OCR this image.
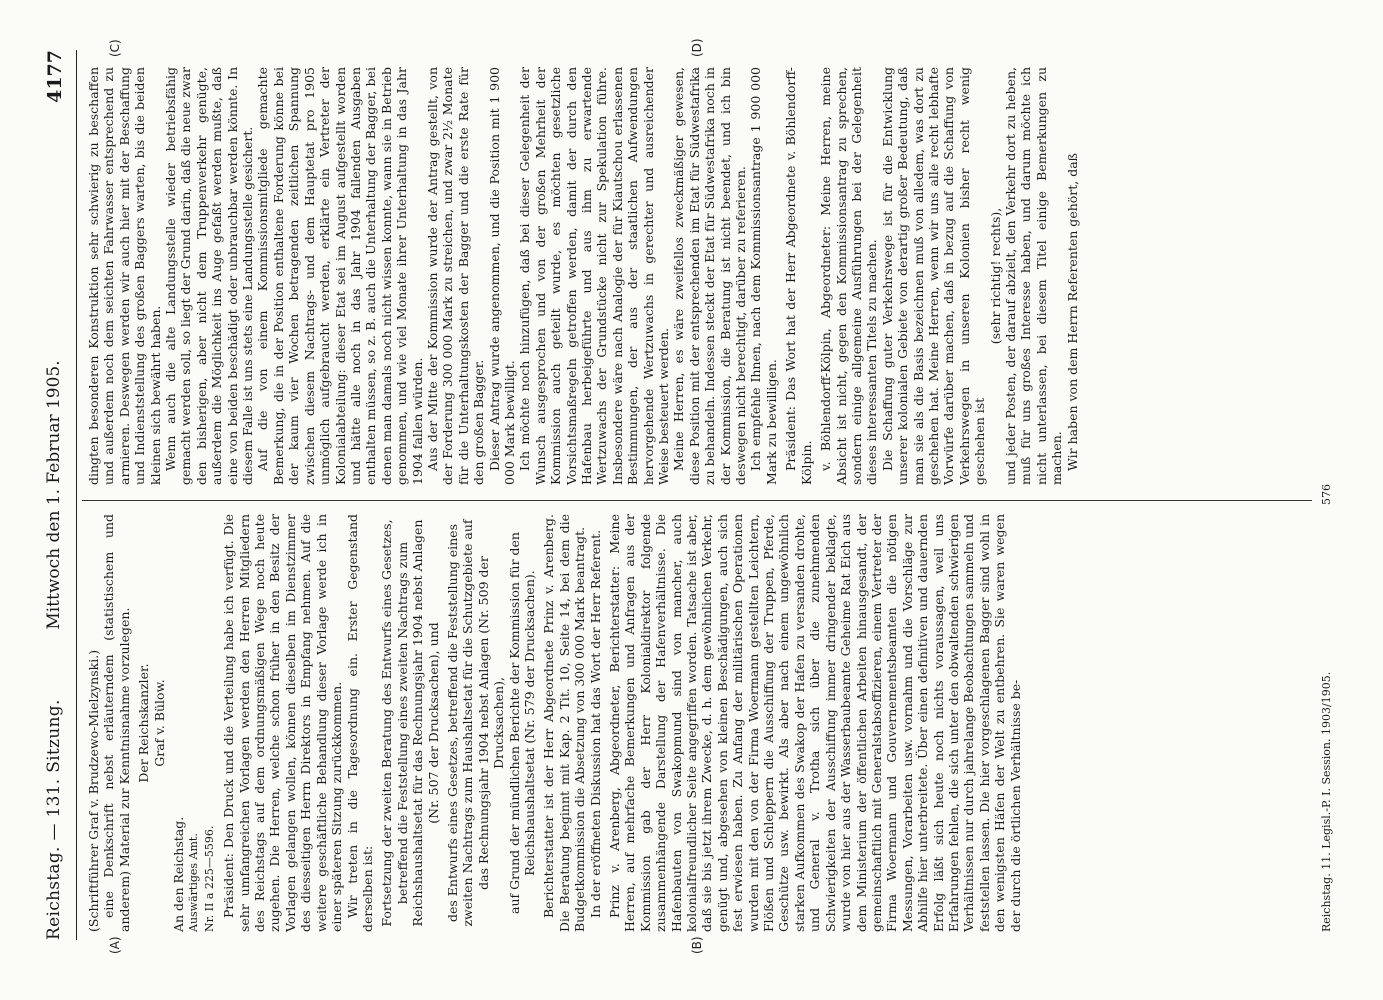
Reichstag. — 131. Sitzung.
Mittwoch den 1. Februar 1905.
4177
(A)	(B)
(C)	(D)

(Schriftführer Graf v. Brudzewo-Mielzynski.) eine Denkschrift nebst erläuterndem (statistischem und anderem) Material zur Kenntnisnahme vorzulegen. Der Reichskanzler. Graf v. Bülow.

An den Reichstag. Auswärtiges Amt. Nr. II a 225—5596. Präsident: Den Druck und die Verteilung habe ich verfügt. Die sehr umfangreichen Vorlagen werden den Herren Mitgliedern des Reichstags auf dem ordnungsmäßigen Wege noch heute zugehen. Die Herren, welche schon früher in den Besitz der Vorlagen gelangen wollen, können dieselben im Dienstzimmer des diesseitigen Herrn Direktors in Empfang nehmen. Auf die weitere geschäftliche Behandlung dieser Vorlage werde ich in einer späteren Sitzung zurückkommen. Wir treten in die Tagesordnung ein. Erster Gegenstand derselben ist: Fortsetzung der zweiten Beratung des Entwurfs eines Gesetzes, betreffend die Feststellung eines zweiten Nachtrags zum Reichshaushaltsetat für das Rechnungsjahr 1904 nebst Anlagen (Nr. 507 der Drucksachen), und des Entwurfs eines Gesetzes, betreffend die Feststellung eines zweiten Nachtrags zum Haushaltsetat für die Schutzgebiete auf das Rechnungsjahr 1904 nebst Anlagen (Nr. 509 der Drucksachen), auf Grund der mündlichen Berichte der Kommission für den Reichshaushaltsetat (Nr. 579 der Drucksachen). Berichterstatter ist der Herr Abgeordnete Prinz v. Arenberg. Die Beratung beginnt mit Kap. 2 Tit. 10, Seite 14, bei dem die Budgetkommission die Absetzung von 300 000 Mark beantragt. In der eröffneten Diskussion hat das Wort der Herr Referent. Prinz v. Arenberg, Abgeordneter, Berichterstatter: Meine Herren, auf mehrfache Bemerkungen und Anfragen aus der Kommission gab der Herr Kolonialdirektor folgende zusammenhängende Darstellung der Hafenverhältnisse. Die Hafenbauten von Swakopmund sind von mancher, auch kolonialfreundlicher Seite angegriffen worden. Tatsache ist aber, daß sie bis jetzt ihrem Zwecke, d. h. dem gewöhnlichen Verkehr, genügt und, abgesehen von kleinen Beschädigungen, auch sich fest erwiesen haben. Zu Anfang der militärischen Operationen wurden mit den von der Firma Woermann gestellten Leichtern, Flößen und Schleppern die Ausschiffung der Truppen, Pferde, Geschütze usw. bewirkt. Als aber nach einem ungewöhnlich starken Aufkommen des Swakop der Hafen zu versanden drohte, und General v. Trotha sich über die zunehmenden Schwierigkeiten der Ausschiffung immer dringender beklagte, wurde von hier aus der Wasserbaubeamte Geheime Rat Eich aus dem Ministerium der öffentlichen Arbeiten hinausgesandt, der gemeinschaftlich mit Generalstabsoffizieren, einem Vertreter der Firma Woermann und Gouvernementsbeamten die nötigen Messungen, Vorarbeiten usw. vornahm und die Vorschläge zur Abhilfe hier unterbreitete. Über einen definitiven und dauernden Erfolg läßt sich heute noch nichts voraussagen, weil uns Erfahrungen fehlen, die sich unter den obwaltenden schwierigen Verhältnissen nur durch jahrelange Beobachtungen sammeln und feststellen lassen. Die hier vorgeschlagenen Bagger sind wohl in den wenigsten Häfen der Welt zu entbehren. Sie waren wegen der durch die örtlichen Verhältnisse be-

dingten besonderen Konstruktion sehr schwierig zu beschaffen und außerdem noch dem seichten Fahrwasser entsprechend zu armieren. Deswegen werden wir auch hier mit der Beschaffung und Indienststellung des großen Baggers warten, bis die beiden kleinen sich bewährt haben. Wenn auch die alte Landungsstelle wieder betriebsfähig gemacht werden soll, so liegt der Grund darin, daß die neue zwar den bisherigen, aber nicht dem Truppenverkehr genügte, außerdem die Möglichkeit ins Auge gefaßt werden mußte, daß eine von beiden beschädigt oder unbrauchbar werden könnte. In diesem Falle ist uns stets eine Landungsstelle gesichert. Auf die von einem Kommissionsmitgliede gemachte Bemerkung, die in der Position enthaltene Forderung könne bei der kaum vier Wochen betragenden zeitlichen Spannung zwischen diesem Nachtrags- und dem Hauptetat pro 1905 unmöglich aufgebraucht werden, erklärte ein Vertreter der Kolonialabteilung: dieser Etat sei im August aufgestellt worden und hätte alle noch in das Jahr 1904 fallenden Ausgaben enthalten müssen, so z. B. auch die Unterhaltung der Bagger, bei denen man damals noch nicht wissen konnte, wann sie in Betrieb genommen, und wie viel Monate ihrer Unterhaltung in das Jahr 1904 fallen würden. Aus der Mitte der Kommission wurde der Antrag gestellt, von der Forderung 300 000 Mark zu streichen, und zwar 2½ Monate für die Unterhaltungskosten der Bagger und die erste Rate für den großen Bagger. Dieser Antrag wurde angenommen, und die Position mit 1 900 000 Mark bewilligt. Ich möchte noch hinzufügen, daß bei dieser Gelegenheit der Wunsch ausgesprochen und von der großen Mehrheit der Kommission auch geteilt wurde, es möchten gesetzliche Vorsichtsmaßregeln getroffen werden, damit der durch den Hafenbau herbeigeführte und aus ihm zu erwartende Wertzuwachs der Grundstücke nicht zur Spekulation führe. Insbesondere wäre nach Analogie der für Kiautschou erlassenen Bestimmungen, der aus der staatlichen Aufwendungen hervorgehende Wertzuwachs in gerechter und ausreichender Weise besteuert werden. Meine Herren, es wäre zweifellos zweckmäßiger gewesen, diese Position mit der entsprechenden im Etat für Südwestafrika zu behandeln. Indessen steckt der Etat für Südwestafrika noch in der Kommission, die Beratung ist nicht beendet, und ich bin deswegen nicht berechtigt, darüber zu referieren. Ich empfehle Ihnen, nach dem Kommissionsantrage 1 900 000 Mark zu bewilligen. Präsident: Das Wort hat der Herr Abgeordnete v. Böhlendorff-Kölpin. v. Böhlendorff-Kölpin, Abgeordneter: Meine Herren, meine Absicht ist nicht, gegen den Kommissionsantrag zu sprechen, sondern einige allgemeine Ausführungen bei der Gelegenheit dieses interessanten Titels zu machen. Die Schaffung guter Verkehrswege ist für die Entwicklung unserer kolonialen Gebiete von derartig großer Bedeutung, daß man sie als die Basis bezeichnen muß von alledem, was dort zu geschehen hat. Meine Herren, wenn wir uns alle recht lebhafte Vorwürfe darüber machen, daß in bezug auf die Schaffung von Verkehrswegen in unseren Kolonien bisher recht wenig geschehen ist

(sehr richtig! rechts), und jeder Posten, der darauf abzielt, den Verkehr dort zu heben, muß für uns großes Interesse haben, und darum möchte ich nicht unterlassen, bei diesem Titel einige Bemerkungen zu machen. Wir haben von dem Herrn Referenten gehört, daß

Reichstag. 11. Legisl.-P. I. Session. 1903/1905.
576
